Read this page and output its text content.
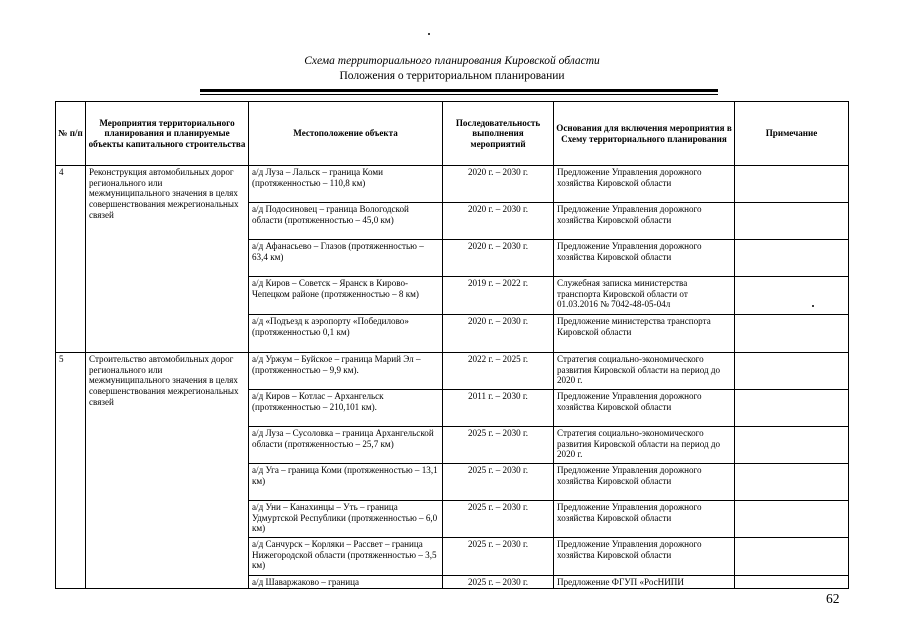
Схема территориального планирования Кировской области
Положения о территориальном планировании
№ п/п	Мероприятия территориального планирования и планируемые объекты капитального строительства	Местоположение объекта	Последовательность выполнения мероприятий	Основания для включения мероприятия в Схему территориального планирования	Примечание
4	Реконструкция автомобильных дорог регионального или межмуниципального значения в целях совершенствования межрегиональных связей	а/д Луза – Лальск – граница Коми (протяженностью – 110,8 км)	2020 г. – 2030 г.	Предложение Управления дорожного хозяйства Кировской области	
		а/д Подосиновец – граница Вологодской области (протяженностью – 45,0 км)	2020 г. – 2030 г.	Предложение Управления дорожного хозяйства Кировской области	
		а/д Афанасьево – Глазов (протяженностью – 63,4 км)	2020 г. – 2030 г.	Предложение Управления дорожного хозяйства Кировской области	
		а/д Киров – Советск – Яранск в Кирово-Чепецком районе (протяженностью – 8 км)	2019 г. – 2022 г.	Служебная записка министерства транспорта Кировской области от 01.03.2016 № 7042-48-05-04л	
		а/д «Подъезд к аэропорту «Победилово» (протяженностью 0,1 км)	2020 г. – 2030 г.	Предложение министерства транспорта Кировской области	
5	Строительство автомобильных дорог регионального или межмуниципального значения в целях совершенствования межрегиональных связей	а/д Уржум – Буйское – граница Марий Эл – (протяженностью – 9,9 км).	2022 г. – 2025 г.	Стратегия социально-экономического развития Кировской области на период до 2020 г.	
		а/д Киров – Котлас – Архангельск (протяженностью – 210,101 км).	2011 г. – 2030 г.	Предложение Управления дорожного хозяйства Кировской области	
		а/д Луза – Сусоловка – граница Архангельской области (протяженностью – 25,7 км)	2025 г. – 2030 г.	Стратегия социально-экономического развития Кировской области на период до 2020 г.	
		а/д Уга – граница Коми (протяженностью – 13,1 км)	2025 г. – 2030 г.	Предложение Управления дорожного хозяйства Кировской области	
		а/д Уни – Канахинцы – Уть – граница Удмуртской Республики (протяженностью – 6,0 км)	2025 г. – 2030 г.	Предложение Управления дорожного хозяйства Кировской области	
		а/д Санчурск – Корляки – Рассвет – граница Нижегородской области (протяженностью – 3,5 км)	2025 г. – 2030 г.	Предложение Управления дорожного хозяйства Кировской области	
		а/д Шаваржаково – граница	2025 г. – 2030 г.	Предложение ФГУП «РосНИПИ	
62
